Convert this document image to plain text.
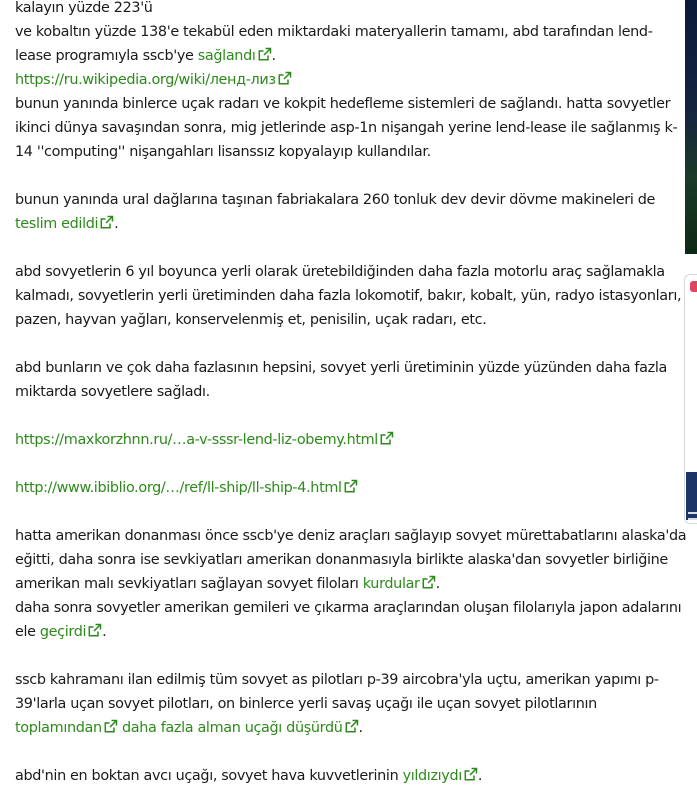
kalayın yüzde 223'ü
ve kobaltın yüzde 138'e tekabül eden miktardaki materyallerin tamamı, abd tarafından lend-
lease programıyla sscb'ye sağlandı .
https://ru.wikipedia.org/wiki/ленд-лиз
bunun yanında binlerce uçak radarı ve kokpit hedefleme sistemleri de sağlandı. hatta sovyetler
ikinci dünya savaşından sonra, mig jetlerinde asp-1n nişangah yerine lend-lease ile sağlanmış k-
14 ''computing'' nişangahları lisanssız kopyalayıp kullandılar.
bunun yanında ural dağlarına taşınan fabriakalara 260 tonluk dev devir dövme makineleri de
teslim edildi .
abd sovyetlerin 6 yıl boyunca yerli olarak üretebildiğinden daha fazla motorlu araç sağlamakla
kalmadı, sovyetlerin yerli üretiminden daha fazla lokomotif, bakır, kobalt, yün, radyo istasyonları,
pazen, hayvan yağları, konservelenmiş et, penisilin, uçak radarı, etc.
abd bunların ve çok daha fazlasının hepsini, sovyet yerli üretiminin yüzde yüzünden daha fazla
miktarda sovyetlere sağladı.
https://maxkorzhnn.ru/…a-v-sssr-lend-liz-obemy.html
http://www.ibiblio.org/…/ref/ll-ship/ll-ship-4.html
hatta amerikan donanması önce sscb'ye deniz araçları sağlayıp sovyet mürettabatlarını alaska'da
eğitti, daha sonra ise sevkiyatları amerikan donanmasıyla birlikte alaska'dan sovyetler birliğine
amerikan malı sevkiyatları sağlayan sovyet filoları kurdular .
daha sonra sovyetler amerikan gemileri ve çıkarma araçlarından oluşan filolarıyla japon adalarını
ele geçirdi .
sscb kahramanı ilan edilmiş tüm sovyet as pilotları p-39 aircobra'yla uçtu, amerikan yapımı p-
39'larla uçan sovyet pilotları, on binlerce yerli savaş uçağı ile uçan sovyet pilotlarının
toplamından daha fazla alman uçağı düşürdü .
abd'nin en boktan avcı uçağı, sovyet hava kuvvetlerinin yıldızıydı .
